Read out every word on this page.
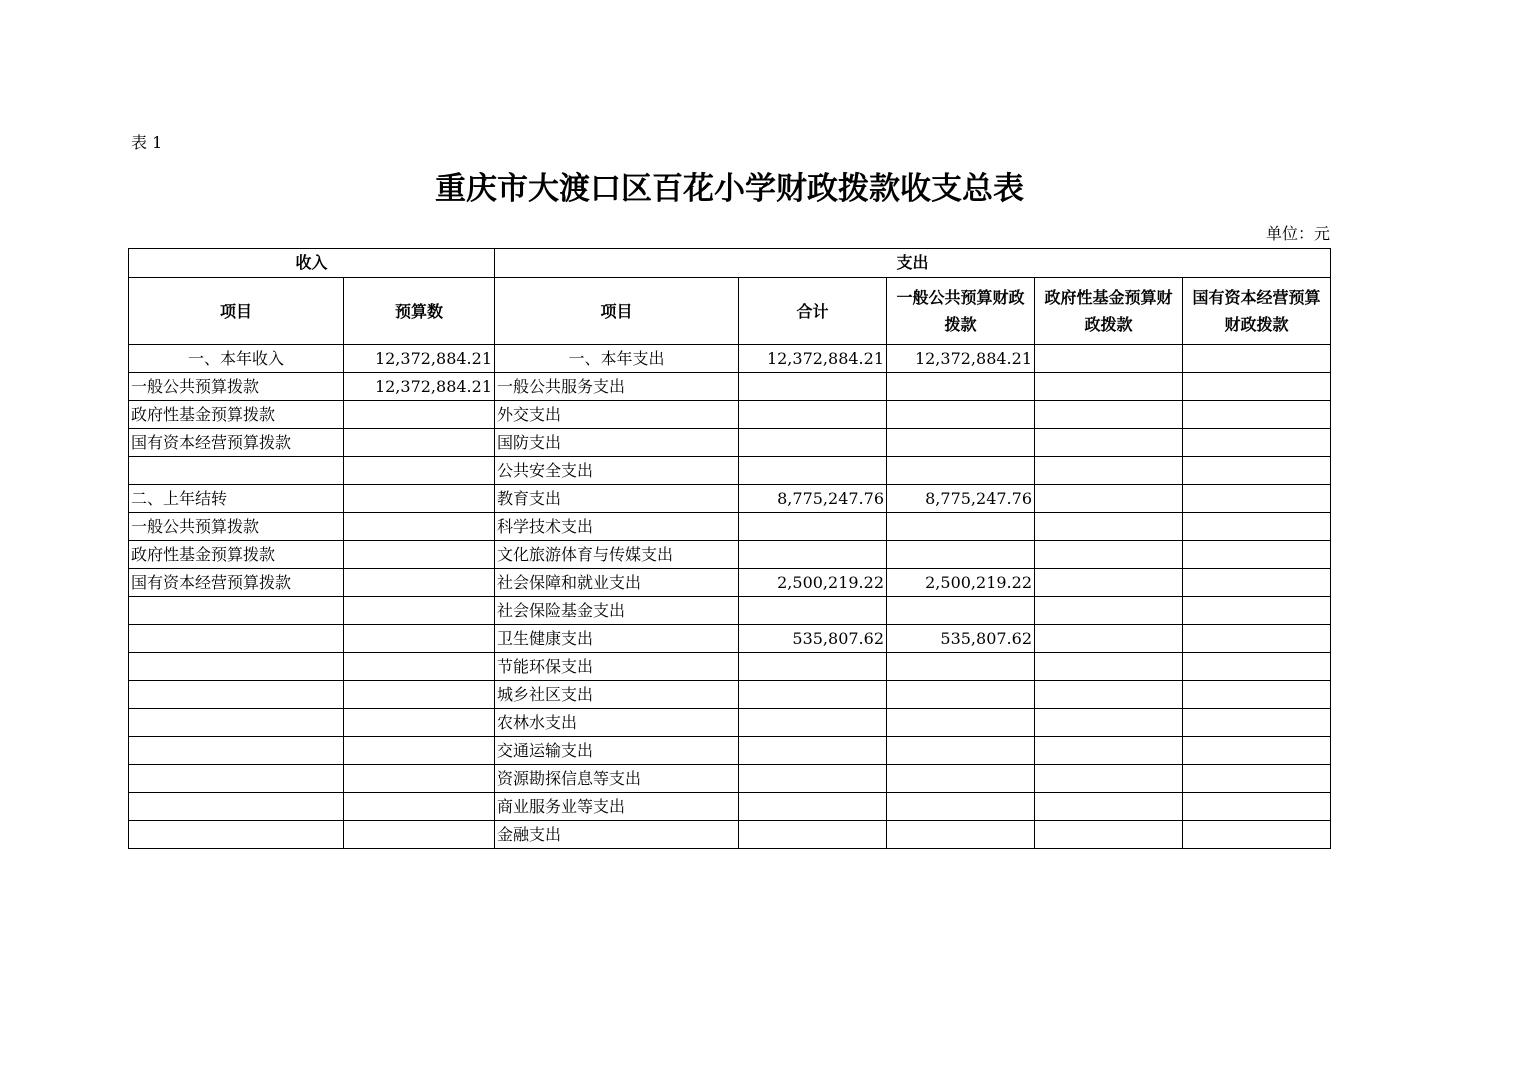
表 1
重庆市大渡口区百花小学财政拨款收支总表
单位：元
收入		支出				
项目	预算数	项目	合计	一般公共预算财政拨款	政府性基金预算财政拨款	国有资本经营预算财政拨款
一、本年收入	12,372,884.21	一、本年支出	12,372,884.21	12,372,884.21		
一般公共预算拨款	12,372,884.21	一般公共服务支出				
政府性基金预算拨款		外交支出				
国有资本经营预算拨款		国防支出				
		公共安全支出				
二、上年结转		教育支出	8,775,247.76	8,775,247.76		
一般公共预算拨款		科学技术支出				
政府性基金预算拨款		文化旅游体育与传媒支出				
国有资本经营预算拨款		社会保障和就业支出	2,500,219.22	2,500,219.22		
		社会保险基金支出				
		卫生健康支出	535,807.62	535,807.62		
		节能环保支出				
		城乡社区支出				
		农林水支出				
		交通运输支出				
		资源勘探信息等支出				
		商业服务业等支出				
		金融支出				
